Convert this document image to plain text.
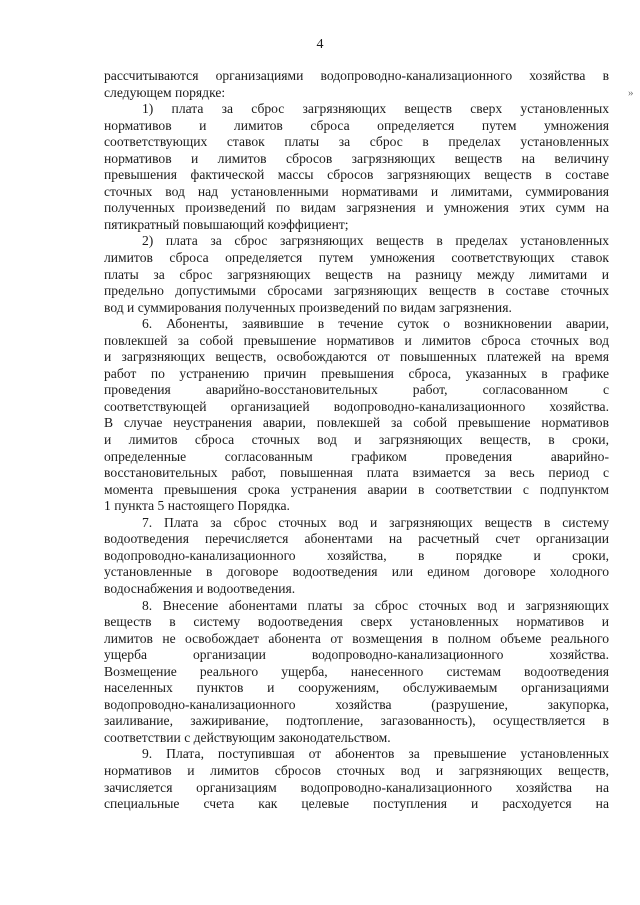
4
»
рассчитываются организациями водопроводно-канализационного хозяйства в
следующем порядке:
1) плата за сброс загрязняющих веществ сверх установленных
нормативов и лимитов сброса определяется путем умножения
соответствующих ставок платы за сброс в пределах установленных
нормативов и лимитов сбросов загрязняющих веществ на величину
превышения фактической массы сбросов загрязняющих веществ в составе
сточных вод над установленными нормативами и лимитами, суммирования
полученных произведений по видам загрязнения и умножения этих сумм на
пятикратный повышающий коэффициент;
2) плата за сброс загрязняющих веществ в пределах установленных
лимитов сброса определяется путем умножения соответствующих ставок
платы за сброс загрязняющих веществ на разницу между лимитами и
предельно допустимыми сбросами загрязняющих веществ в составе сточных
вод и суммирования полученных произведений по видам загрязнения.
6. Абоненты, заявившие в течение суток о возникновении аварии,
повлекшей за собой превышение нормативов и лимитов сброса сточных вод
и загрязняющих веществ, освобождаются от повышенных платежей на время
работ по устранению причин превышения сброса, указанных в графике
проведения аварийно-восстановительных работ, согласованном с
соответствующей организацией водопроводно-канализационного хозяйства.
В случае неустранения аварии, повлекшей за собой превышение нормативов
и лимитов сброса сточных вод и загрязняющих веществ, в сроки,
определенные согласованным графиком проведения аварийно-
восстановительных работ, повышенная плата взимается за весь период с
момента превышения срока устранения аварии в соответствии с подпунктом
1 пункта 5 настоящего Порядка.
7. Плата за сброс сточных вод и загрязняющих веществ в систему
водоотведения перечисляется абонентами на расчетный счет организации
водопроводно-канализационного хозяйства, в порядке и сроки,
установленные в договоре водоотведения или едином договоре холодного
водоснабжения и водоотведения.
8. Внесение абонентами платы за сброс сточных вод и загрязняющих
веществ в систему водоотведения сверх установленных нормативов и
лимитов не освобождает абонента от возмещения в полном объеме реального
ущерба организации водопроводно-канализационного хозяйства.
Возмещение реального ущерба, нанесенного системам водоотведения
населенных пунктов и сооружениям, обслуживаемым организациями
водопроводно-канализационного хозяйства (разрушение, закупорка,
заиливание, зажиривание, подтопление, загазованность), осуществляется в
соответствии с действующим законодательством.
9. Плата, поступившая от абонентов за превышение установленных
нормативов и лимитов сбросов сточных вод и загрязняющих веществ,
зачисляется организациям водопроводно-канализационного хозяйства на
специальные счета как целевые поступления и расходуется на
